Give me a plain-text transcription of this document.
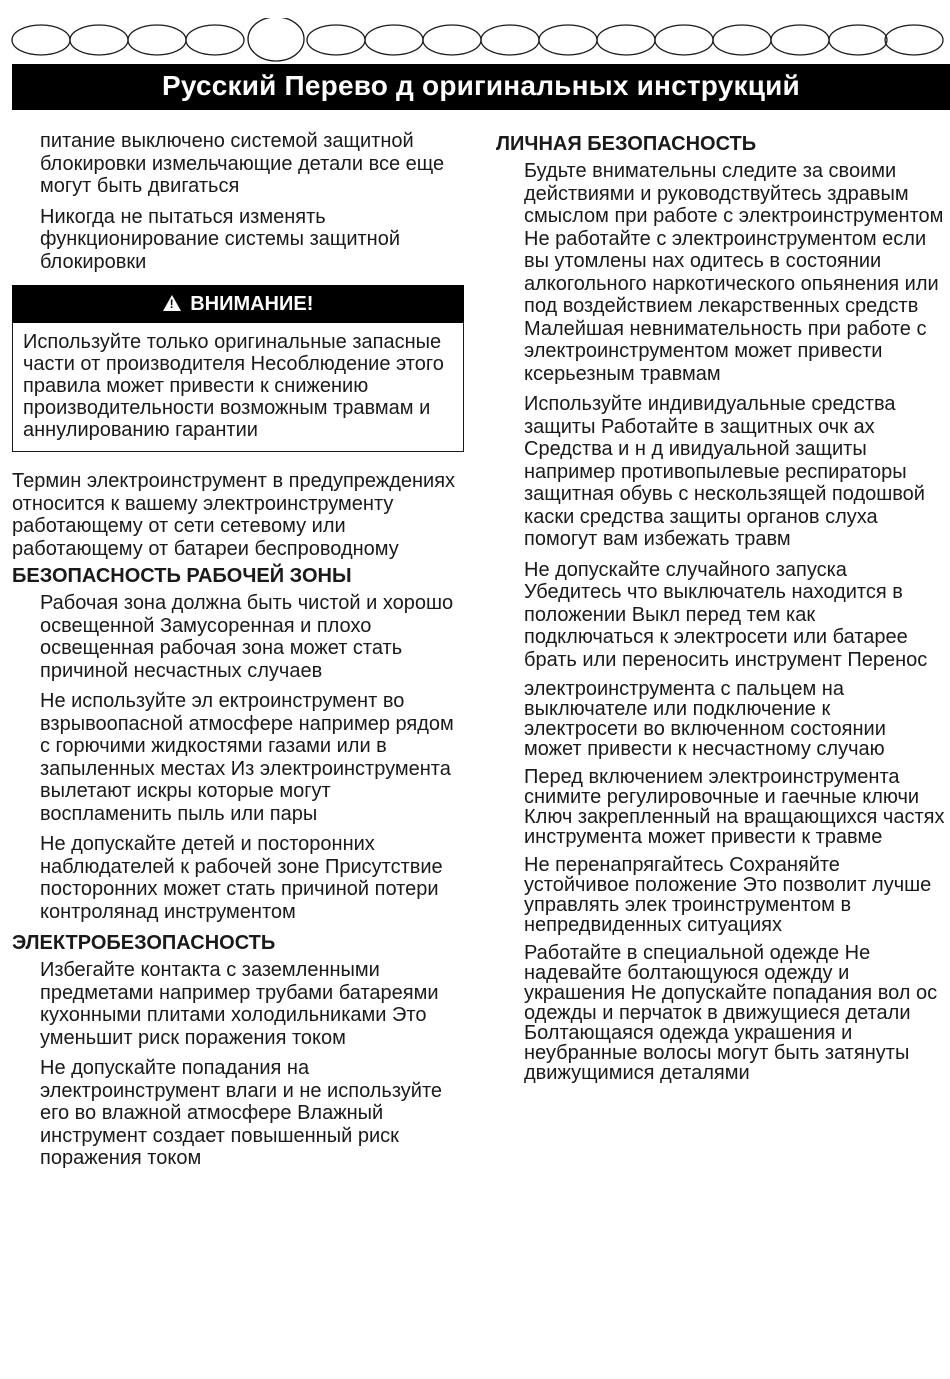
Русский Перево д оригинальных инструкций

питание выключено системой защитной блокировки измельчающие детали все еще могут быть двигаться

Никогда не пытаться изменять функционирование системы защитной блокировки

! ВНИМАНИЕ!

Используйте только оригинальные запасные части от производителя Несоблюдение этого правила может привести к снижению производительности возможным травмам и аннулированию гарантии

Термин электроинструмент в предупреждениях относится к вашему электроинструменту работающему от сети сетевому или работающему от батареи беспроводному

БЕЗОПАСНОСТЬ РАБОЧЕЙ ЗОНЫ

Рабочая зона должна быть чистой и хорошо освещенной Замусоренная и плохо освещенная рабочая зона может стать причиной несчастных случаев

Не используйте эл ектроинструмент во взрывоопасной атмосфере например рядом с горючими жидкостями газами или в запыленных местах Из электроинструмента вылетают искры которые могут воспламенить пыль или пары

Не допускайте детей и посторонних наблюдателей к рабочей зоне Присутствие посторонних может стать причиной потери контролянад инструментом

ЭЛЕКТРОБЕЗОПАСНОСТЬ

Избегайте контакта с заземленными предметами например трубами батареями кухонными плитами холодильниками Это уменьшит риск поражения током

Не допускайте попадания на электроинструмент влаги и не используйте его во влажной атмосфере Влажный инструмент создает повышенный риск поражения током

ЛИЧНАЯ БЕЗОПАСНОСТЬ

Будьте внимательны следите за своими действиями и руководствуйтесь здравым смыслом при работе с электроинструментом Не работайте с электроинструментом если вы утомлены нах одитесь в состоянии алкогольного наркотического опьянения или под воздействием лекарственных средств Малейшая невнимательность при работе с электроинструментом может привести ксерьезным травмам

Используйте индивидуальные средства защиты Работайте в защитных очк ах Средства и н д ивидуальной защиты например противопылевые респираторы защитная обувь с нескользящей подошвой каски средства защиты органов слуха помогут вам избежать травм

Не допускайте случайного запуска Убедитесь что выключатель находится в положении Выкл перед тем как подключаться к электросети или батарее брать или переносить инструмент Перенос

электроинструмента с пальцем на выключателе или подключение к электросети во включенном состоянии может привести к несчастному случаю

Перед включением электроинструмента снимите регулировочные и гаечные ключи Ключ закрепленный на вращающихся частях инструмента может привести к травме

Не перенапрягайтесь Сохраняйте устойчивое положение Это позволит лучше управлять элек троинструментом в непредвиденных ситуациях

Работайте в специальной одежде Не надевайте болтающуюся одежду и украшения Не допускайте попадания вол ос одежды и перчаток в движущиеся детали Болтающаяся одежда украшения и неубранные волосы могут быть затянуты движущимися деталями
